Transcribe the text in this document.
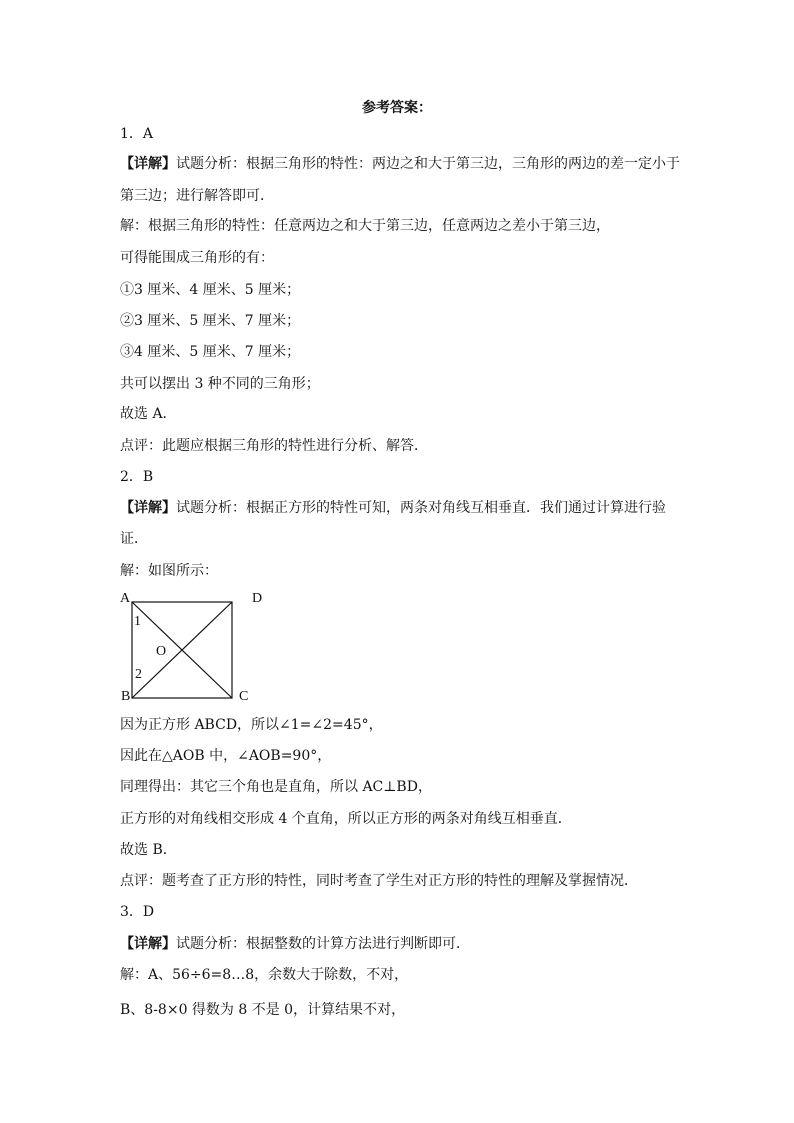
参考答案：
1．A
【详解】试题分析：根据三角形的特性：两边之和大于第三边，三角形的两边的差一定小于
第三边；进行解答即可．
解：根据三角形的特性：任意两边之和大于第三边，任意两边之差小于第三边，
可得能围成三角形的有：
①3 厘米、4 厘米、5 厘米；
②3 厘米、5 厘米、7 厘米；
③4 厘米、5 厘米、7 厘米；
共可以摆出 3 种不同的三角形；
故选 A．
点评：此题应根据三角形的特性进行分析、解答．
2．B
【详解】试题分析：根据正方形的特性可知，两条对角线互相垂直．我们通过计算进行验
证．
解：如图所示：
A	D
B	C
O
1
2
因为正方形 ABCD，所以∠1=∠2=45°，
因此在△AOB 中，∠AOB=90°，
同理得出：其它三个角也是直角，所以 AC⊥BD，
正方形的对角线相交形成 4 个直角，所以正方形的两条对角线互相垂直．
故选 B．
点评：题考查了正方形的特性，同时考查了学生对正方形的特性的理解及掌握情况．
3．D
【详解】试题分析：根据整数的计算方法进行判断即可．
解：A、56÷6=8…8，余数大于除数，不对，
B、8-8×0 得数为 8 不是 0，计算结果不对，
